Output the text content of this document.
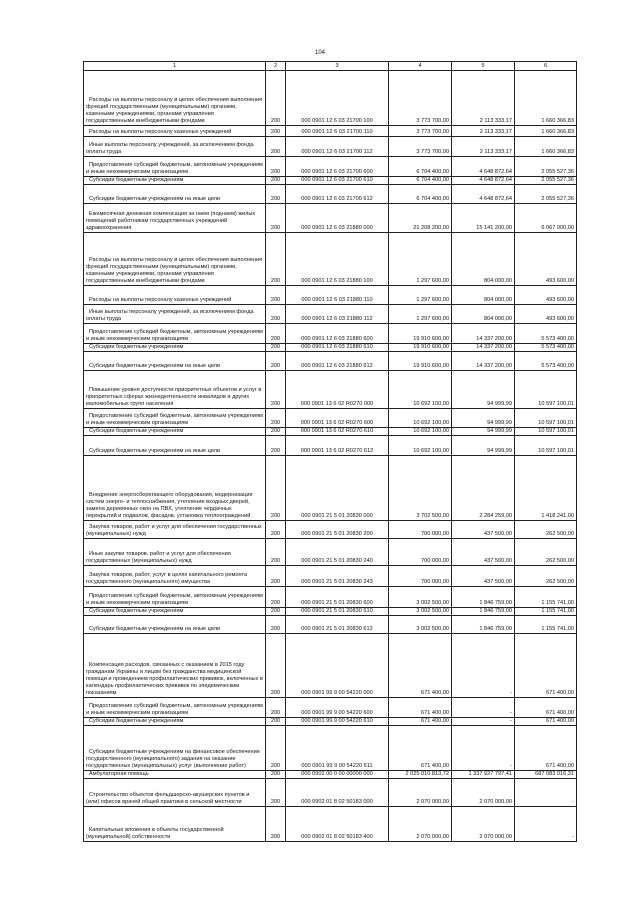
104
1	2	3	4	5	6
Расходы на выплаты персоналу в целях обеспечения выполнения функций государственными (муниципальными) органами, казенными учреждениями, органами управления государственными внебюджетными фондами	200	000 0901 12 6 03 21700 100	3 773 700,00	2 113 333,17	1 660 366,83
Расходы на выплаты персоналу казенных учреждений	200	000 0901 12 6 03 21700 110	3 773 700,00	2 113 333,17	1 660 366,83
Иные выплаты персоналу учреждений, за исключением фонда оплаты труда	200	000 0901 12 6 03 21700 112	3 773 700,00	2 113 333,17	1 660 366,83
Предоставление субсидий бюджетным, автономным учреждениям и иным некоммерческим организациям	200	000 0901 12 6 03 21700 600	6 704 400,00	4 648 872,64	2 055 527,36
Субсидии бюджетным учреждениям	200	000 0901 12 6 03 21700 610	6 704 400,00	4 648 872,64	2 055 527,36
Субсидии бюджетным учреждениям на иные цели	200	000 0901 12 6 03 21700 612	6 704 400,00	4 648 872,64	2 055 527,36
Ежемесячная денежная компенсация за наем (поднаем) жилых помещений работникам государственных учреждений здравоохранения	200	000 0901 12 6 03 21880 000	21 208 200,00	15 141 200,00	6 067 000,00
Расходы на выплаты персоналу в целях обеспечения выполнения функций государственными (муниципальными) органами, казенными учреждениями, органами управления государственными внебюджетными фондами	200	000 0901 12 6 03 21880 100	1 297 600,00	804 000,00	493 600,00
Расходы на выплаты персоналу казенных учреждений	200	000 0901 12 6 03 21880 110	1 297 600,00	804 000,00	493 600,00
Иные выплаты персоналу учреждений, за исключением фонда оплаты труда	200	000 0901 12 6 03 21880 112	1 297 600,00	804 000,00	493 600,00
Предоставление субсидий бюджетным, автономным учреждениям и иным некоммерческим организациям	200	000 0901 12 6 03 21880 600	19 910 600,00	14 337 200,00	5 573 400,00
Субсидии бюджетным учреждениям	200	000 0901 12 6 03 21880 610	19 910 600,00	14 337 200,00	5 573 400,00
Субсидии бюджетным учреждениям на иные цели	200	000 0901 12 6 03 21880 612	19 910 600,00	14 337 200,00	5 573 400,00
Повышение уровня доступности приоритетных объектов и услуг в приоритетных сферах жизнедеятельности инвалидов и других маломобильных групп населения	200	000 0901 13 6 02 R0270 000	10 692 100,00	94 999,99	10 597 100,01
Предоставление субсидий бюджетным, автономным учреждениям и иным некоммерческим организациям	200	000 0901 13 6 02 R0270 600	10 692 100,00	94 999,99	10 597 100,01
Субсидии бюджетным учреждениям	200	000 0901 13 6 02 R0270 610	10 692 100,00	94 999,99	10 597 100,01
Субсидии бюджетным учреждениям на иные цели	200	000 0901 13 6 02 R0270 612	10 692 100,00	94 999,99	10 597 100,01
Внедрение энергосберегающего оборудования, модернизация систем энерго- и теплоснабжения, утепление входных дверей, замена деревянных окон на ПВХ, утепление чердачных перекрытий и подвалов, фасадов, установка теплоограждений	200	000 0901 21 5 01 20830 000	3 702 500,00	2 284 259,00	1 418 241,00
Закупка товаров, работ и услуг для обеспечения государственных (муниципальных) нужд	200	000 0901 21 5 01 20830 200	700 000,00	437 500,00	262 500,00
Иные закупки товаров, работ и услуг для обеспечения государственных (муниципальных) нужд	200	000 0901 21 5 01 20830 240	700 000,00	437 500,00	262 500,00
Закупка товаров, работ, услуг в целях капитального ремонта государственного (муниципального) имущества	200	000 0901 21 5 01 20830 243	700 000,00	437 500,00	262 500,00
Предоставление субсидий бюджетным, автономным учреждениям и иным некоммерческим организациям	200	000 0901 21 5 01 20830 600	3 002 500,00	1 846 759,00	1 155 741,00
Субсидии бюджетным учреждениям	200	000 0901 21 5 01 20830 610	3 002 500,00	1 846 759,00	1 155 741,00
Субсидии бюджетным учреждениям на иные цели	200	000 0901 21 5 01 20830 612	3 002 500,00	1 846 759,00	1 155 741,00
Компенсация расходов, связанных с оказанием в 2015 году гражданам Украины и лицам без гражданства медицинской помощи и проведением профилактических прививок, включенных в календарь профилактических прививок по эпидемическим показаниям	200	000 0901 99 9 00 54220 000	671 400,00	-	671 400,00
Предоставление субсидий бюджетным, автономным учреждениям и иным некоммерческим организациям	200	000 0901 99 9 00 54220 600	671 400,00	-	671 400,00
Субсидии бюджетным учреждениям	200	000 0901 99 9 00 54220 610	671 400,00	-	671 400,00
Субсидии бюджетным учреждениям на финансовое обеспечение государственного (муниципального) задания на оказание государственных (муниципальных) услуг (выполнение работ)	200	000 0901 99 9 00 54220 611	671 400,00	-	671 400,00
Амбулаторная помощь	200	000 0902 00 0 00 00000 000	2 025 010 813,72	1 337 927 797,41	687 083 016,31
Строительство объектов фельдшерско-акушерских пунктов и (или) офисов врачей общей практики в сельской местности	200	000 0902 01 8 02 50183 000	2 070 000,00	2 070 000,00	-
Капитальные вложения в объекты государственной (муниципальной) собственности	200	000 0902 01 8 02 50183 400	2 070 000,00	2 070 000,00	-
